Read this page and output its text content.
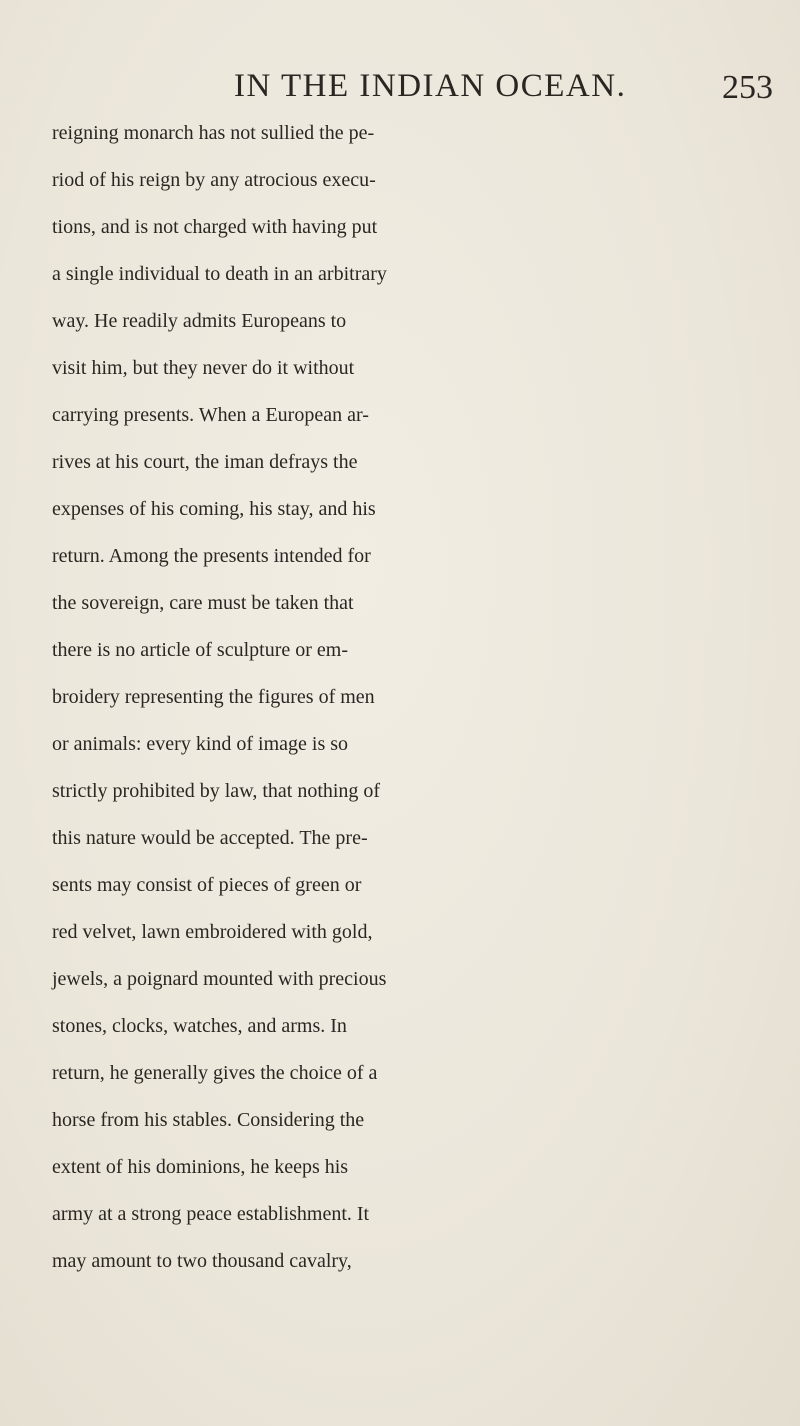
IN THE INDIAN OCEAN.	253
reigning monarch has not sullied the pe-
riod of his reign by any atrocious execu-
tions, and is not charged with having put
a single individual to death in an arbitrary
way. He readily admits Europeans to
visit him, but they never do it without
carrying presents. When a European ar-
rives at his court, the iman defrays the
expenses of his coming, his stay, and his
return. Among the presents intended for
the sovereign, care must be taken that
there is no article of sculpture or em-
broidery representing the figures of men
or animals: every kind of image is so
strictly prohibited by law, that nothing of
this nature would be accepted. The pre-
sents may consist of pieces of green or
red velvet, lawn embroidered with gold,
jewels, a poignard mounted with precious
stones, clocks, watches, and arms. In
return, he generally gives the choice of a
horse from his stables. Considering the
extent of his dominions, he keeps his
army at a strong peace establishment. It
may amount to two thousand cavalry,
